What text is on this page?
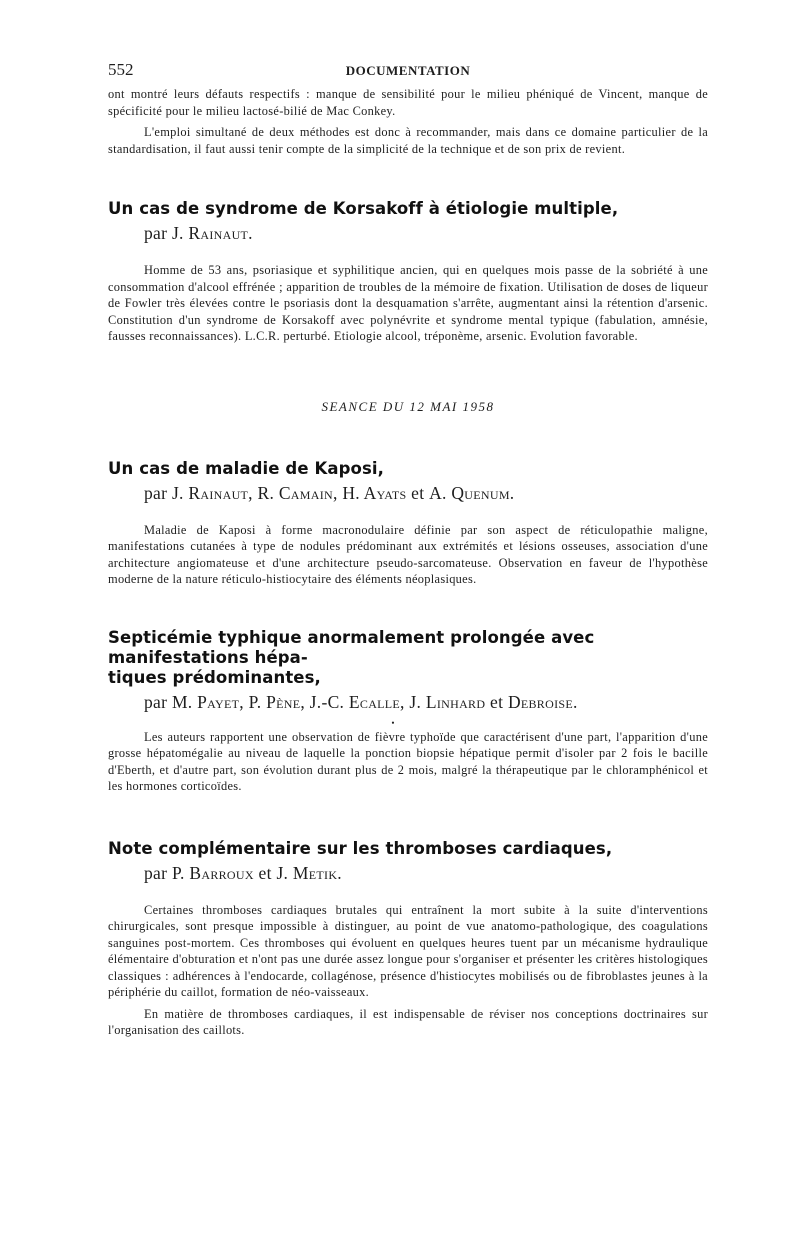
552	DOCUMENTATION

ont montré leurs défauts respectifs : manque de sensibilité pour le milieu phéniqué de Vincent, manque de spécificité pour le milieu lactosé-bilié de Mac Conkey.

L'emploi simultané de deux méthodes est donc à recommander, mais dans ce domaine particulier de la standardisation, il faut aussi tenir compte de la simplicité de la technique et de son prix de revient.

Un cas de syndrome de Korsakoff à étiologie multiple,
par J. Rainaut.

Homme de 53 ans, psoriasique et syphilitique ancien, qui en quelques mois passe de la sobriété à une consommation d'alcool effrénée ; apparition de troubles de la mémoire de fixation. Utilisation de doses de liqueur de Fowler très élevées contre le psoriasis dont la desquamation s'arrête, augmentant ainsi la rétention d'arsenic. Constitution d'un syndrome de Korsakoff avec polynévrite et syndrome mental typique (fabulation, amnésie, fausses reconnaissances). L.C.R. perturbé. Etiologie alcool, tréponème, arsenic. Evolution favorable.

SEANCE DU 12 MAI 1958
Un cas de maladie de Kaposi,
par J. Rainaut, R. Camain, H. Ayats et A. Quenum.

Maladie de Kaposi à forme macronodulaire définie par son aspect de réticulopathie maligne, manifestations cutanées à type de nodules prédominant aux extrémités et lésions osseuses, association d'une architecture angiomateuse et d'une architecture pseudo-sarcomateuse. Observation en faveur de l'hypothèse moderne de la nature réticulo-histiocytaire des éléments néoplasiques.

Septicémie typhique anormalement prolongée avec manifestations hépa-
tiques prédominantes,
par M. Payet, P. Pène, J.-C. Ecalle, J. Linhard et Debroise.
•

Les auteurs rapportent une observation de fièvre typhoïde que caractérisent d'une part, l'apparition d'une grosse hépatomégalie au niveau de laquelle la ponction biopsie hépatique permit d'isoler par 2 fois le bacille d'Eberth, et d'autre part, son évolution durant plus de 2 mois, malgré la thérapeutique par le chloramphénicol et les hormones corticoïdes.

Note complémentaire sur les thromboses cardiaques,
par P. Barroux et J. Metik.

Certaines thromboses cardiaques brutales qui entraînent la mort subite à la suite d'interventions chirurgicales, sont presque impossible à distinguer, au point de vue anatomo-pathologique, des coagulations sanguines post-mortem. Ces thromboses qui évoluent en quelques heures tuent par un mécanisme hydraulique élémentaire d'obturation et n'ont pas une durée assez longue pour s'organiser et présenter les critères histologiques classiques : adhérences à l'endocarde, collagénose, présence d'histiocytes mobilisés ou de fibroblastes jeunes à la périphérie du caillot, formation de néo-vaisseaux.

En matière de thromboses cardiaques, il est indispensable de réviser nos conceptions doctrinaires sur l'organisation des caillots.
